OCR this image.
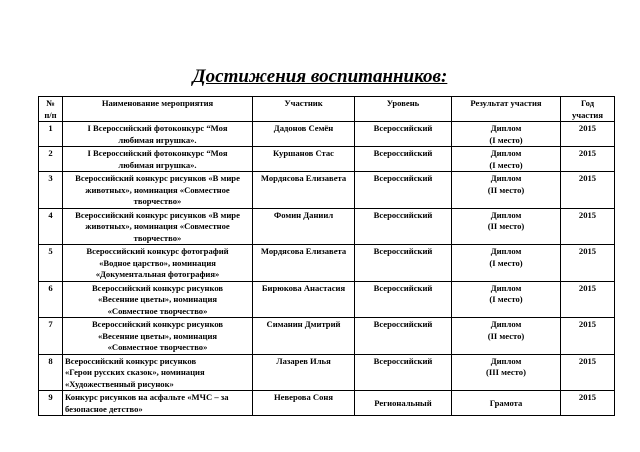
Достижения воспитанников:
№
п/п	Наименование мероприятия	Участник	Уровень	Результат участия	Год
участия

1	I Всероссийский фотоконкурс “Моя
любимая игрушка».	Дадонов Семён	Всероссийский	Диплом
(I место)	2015
2	I Всероссийский фотоконкурс “Моя
любимая игрушка».	Куршанов Стас	Всероссийский	Диплом
(I место)	2015
3	Всероссийский конкурс рисунков «В мире
животных», номинация «Совместное
творчество»	Мордясова Елизавета	Всероссийский	Диплом
(II место)	2015
4	Всероссийский конкурс рисунков «В мире
животных», номинация «Совместное
творчество»	Фомин Даниил	Всероссийский	Диплом
(II место)	2015
5	Всероссийский конкурс фотографий
«Водное царство», номинация
«Документальная фотография»	Мордясова Елизавета	Всероссийский	Диплом
(I место)	2015
6	Всероссийский конкурс рисунков
«Весенние цветы», номинация
«Совместное творчество»	Бирюкова Анастасия	Всероссийский	Диплом
(I место)	2015
7	Всероссийский конкурс рисунков
«Весенние цветы», номинация
«Совместное творчество»	Симанин Дмитрий	Всероссийский	Диплом
(II место)	2015
8	Всероссийский конкурс рисунков
«Герои русских сказок», номинация
«Художественный рисунок»	Лазарев Илья	Всероссийский	Диплом
(III место)	2015
9	Конкурс рисунков на асфальте «МЧС – за
безопасное детство»	Неверова Соня	Региональный	Грамота	2015
